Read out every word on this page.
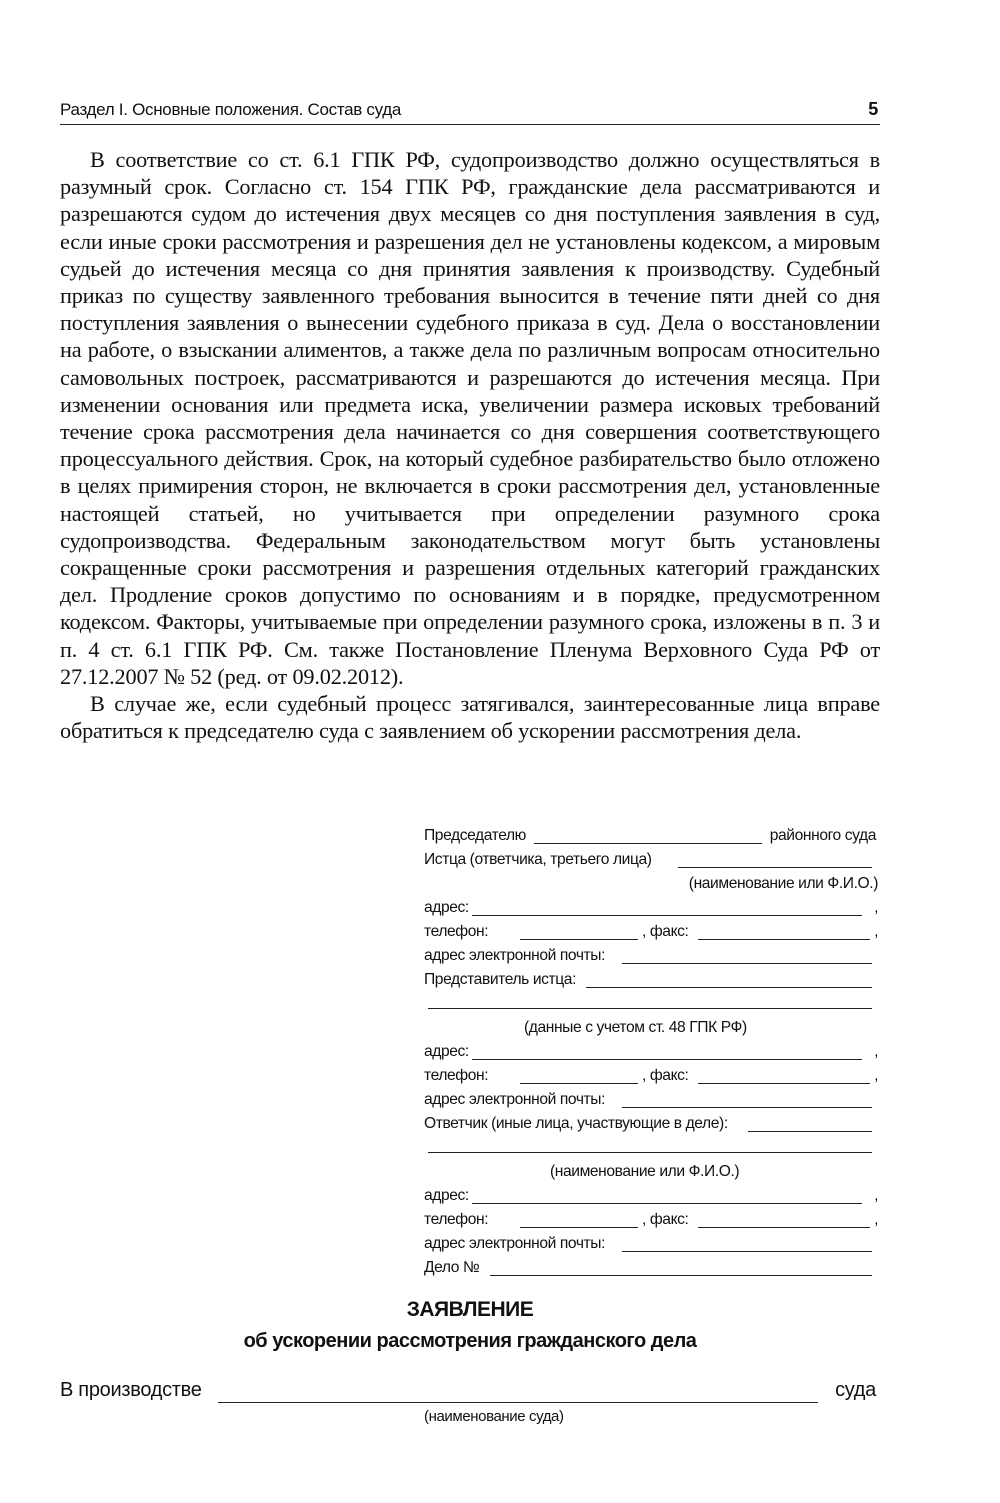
Раздел I. Основные положения. Состав суда	5

В соответствие со ст. 6.1 ГПК РФ, судопроизводство должно осуществляться в разумный срок. Согласно ст. 154 ГПК РФ, гражданские дела рассматриваются и разрешаются судом до истечения двух месяцев со дня поступления заявления в суд, если иные сроки рассмотрения и разрешения дел не установлены кодексом, а мировым судьей до истечения месяца со дня принятия заявления к производству. Судебный приказ по существу заявленного требования выносится в течение пяти дней со дня поступления заявления о вынесении судебного приказа в суд. Дела о восстановлении на работе, о взыскании алиментов, а также дела по различным вопросам относительно самовольных построек, рассматриваются и разрешаются до истечения месяца. При изменении основания или предмета иска, увеличении размера исковых требований течение срока рассмотрения дела начинается со дня совершения соответствующего процессуального действия. Срок, на который судебное разбирательство было отложено в целях примирения сторон, не включается в сроки рассмотрения дел, установленные настоящей статьей, но учитывается при определении разумного срока судопроизводства. Федеральным законодательством могут быть установлены сокращенные сроки рассмотрения и разрешения отдельных категорий гражданских дел. Продление сроков допустимо по основаниям и в порядке, предусмотренном кодексом. Факторы, учитываемые при определении разумного срока, изложены в п. 3 и п. 4 ст. 6.1 ГПК РФ. См. также Постановление Пленума Верховного Суда РФ от 27.12.2007 № 52 (ред. от 09.02.2012).

В случае же, если судебный процесс затягивался, заинтересованные лица вправе обратиться к председателю суда с заявлением об ускорении рассмотрения дела.

Председателю	районного суда
Истца (ответчика, третьего лица)
(наименование или Ф.И.О.)
адрес:	,
телефон:	, факс:	,
адрес электронной почты:
Представитель истца:
(данные с учетом ст. 48 ГПК РФ)
адрес:	,
телефон:	, факс:	,
адрес электронной почты:
Ответчик (иные лица, участвующие в деле):
(наименование или Ф.И.О.)
адрес:	,
телефон:	, факс:	,
адрес электронной почты:
Дело №
ЗАЯВЛЕНИЕ
об ускорении рассмотрения гражданского дела
В производстве	суда
(наименование суда)
